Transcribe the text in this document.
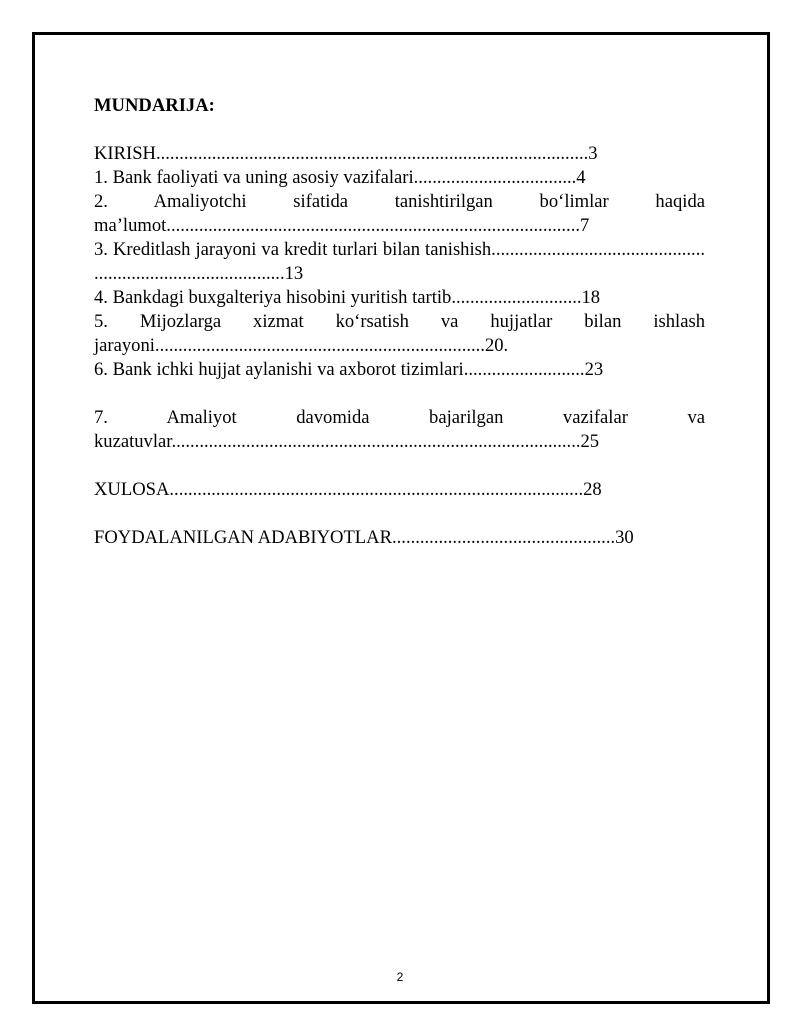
MUNDARIJA:

KIRISH.............................................................................................3

1. Bank faoliyati va uning asosiy vazifalari...................................4

2. Amaliyotchi sifatida tanishtirilgan bo‘limlar haqida ma’lumot.........................................................................................7

3. Kreditlash jarayoni va kredit turlari bilan tanishish.............................................. .........................................13

4. Bankdagi buxgalteriya hisobini yuritish tartib............................18

5. Mijozlarga xizmat ko‘rsatish va hujjatlar bilan ishlash jarayoni.......................................................................20.

6. Bank ichki hujjat aylanishi va axborot tizimlari..........................23

7. Amaliyot davomida bajarilgan vazifalar va kuzatuvlar........................................................................................25

XULOSA.........................................................................................28

FOYDALANILGAN ADABIYOTLAR................................................30

2
